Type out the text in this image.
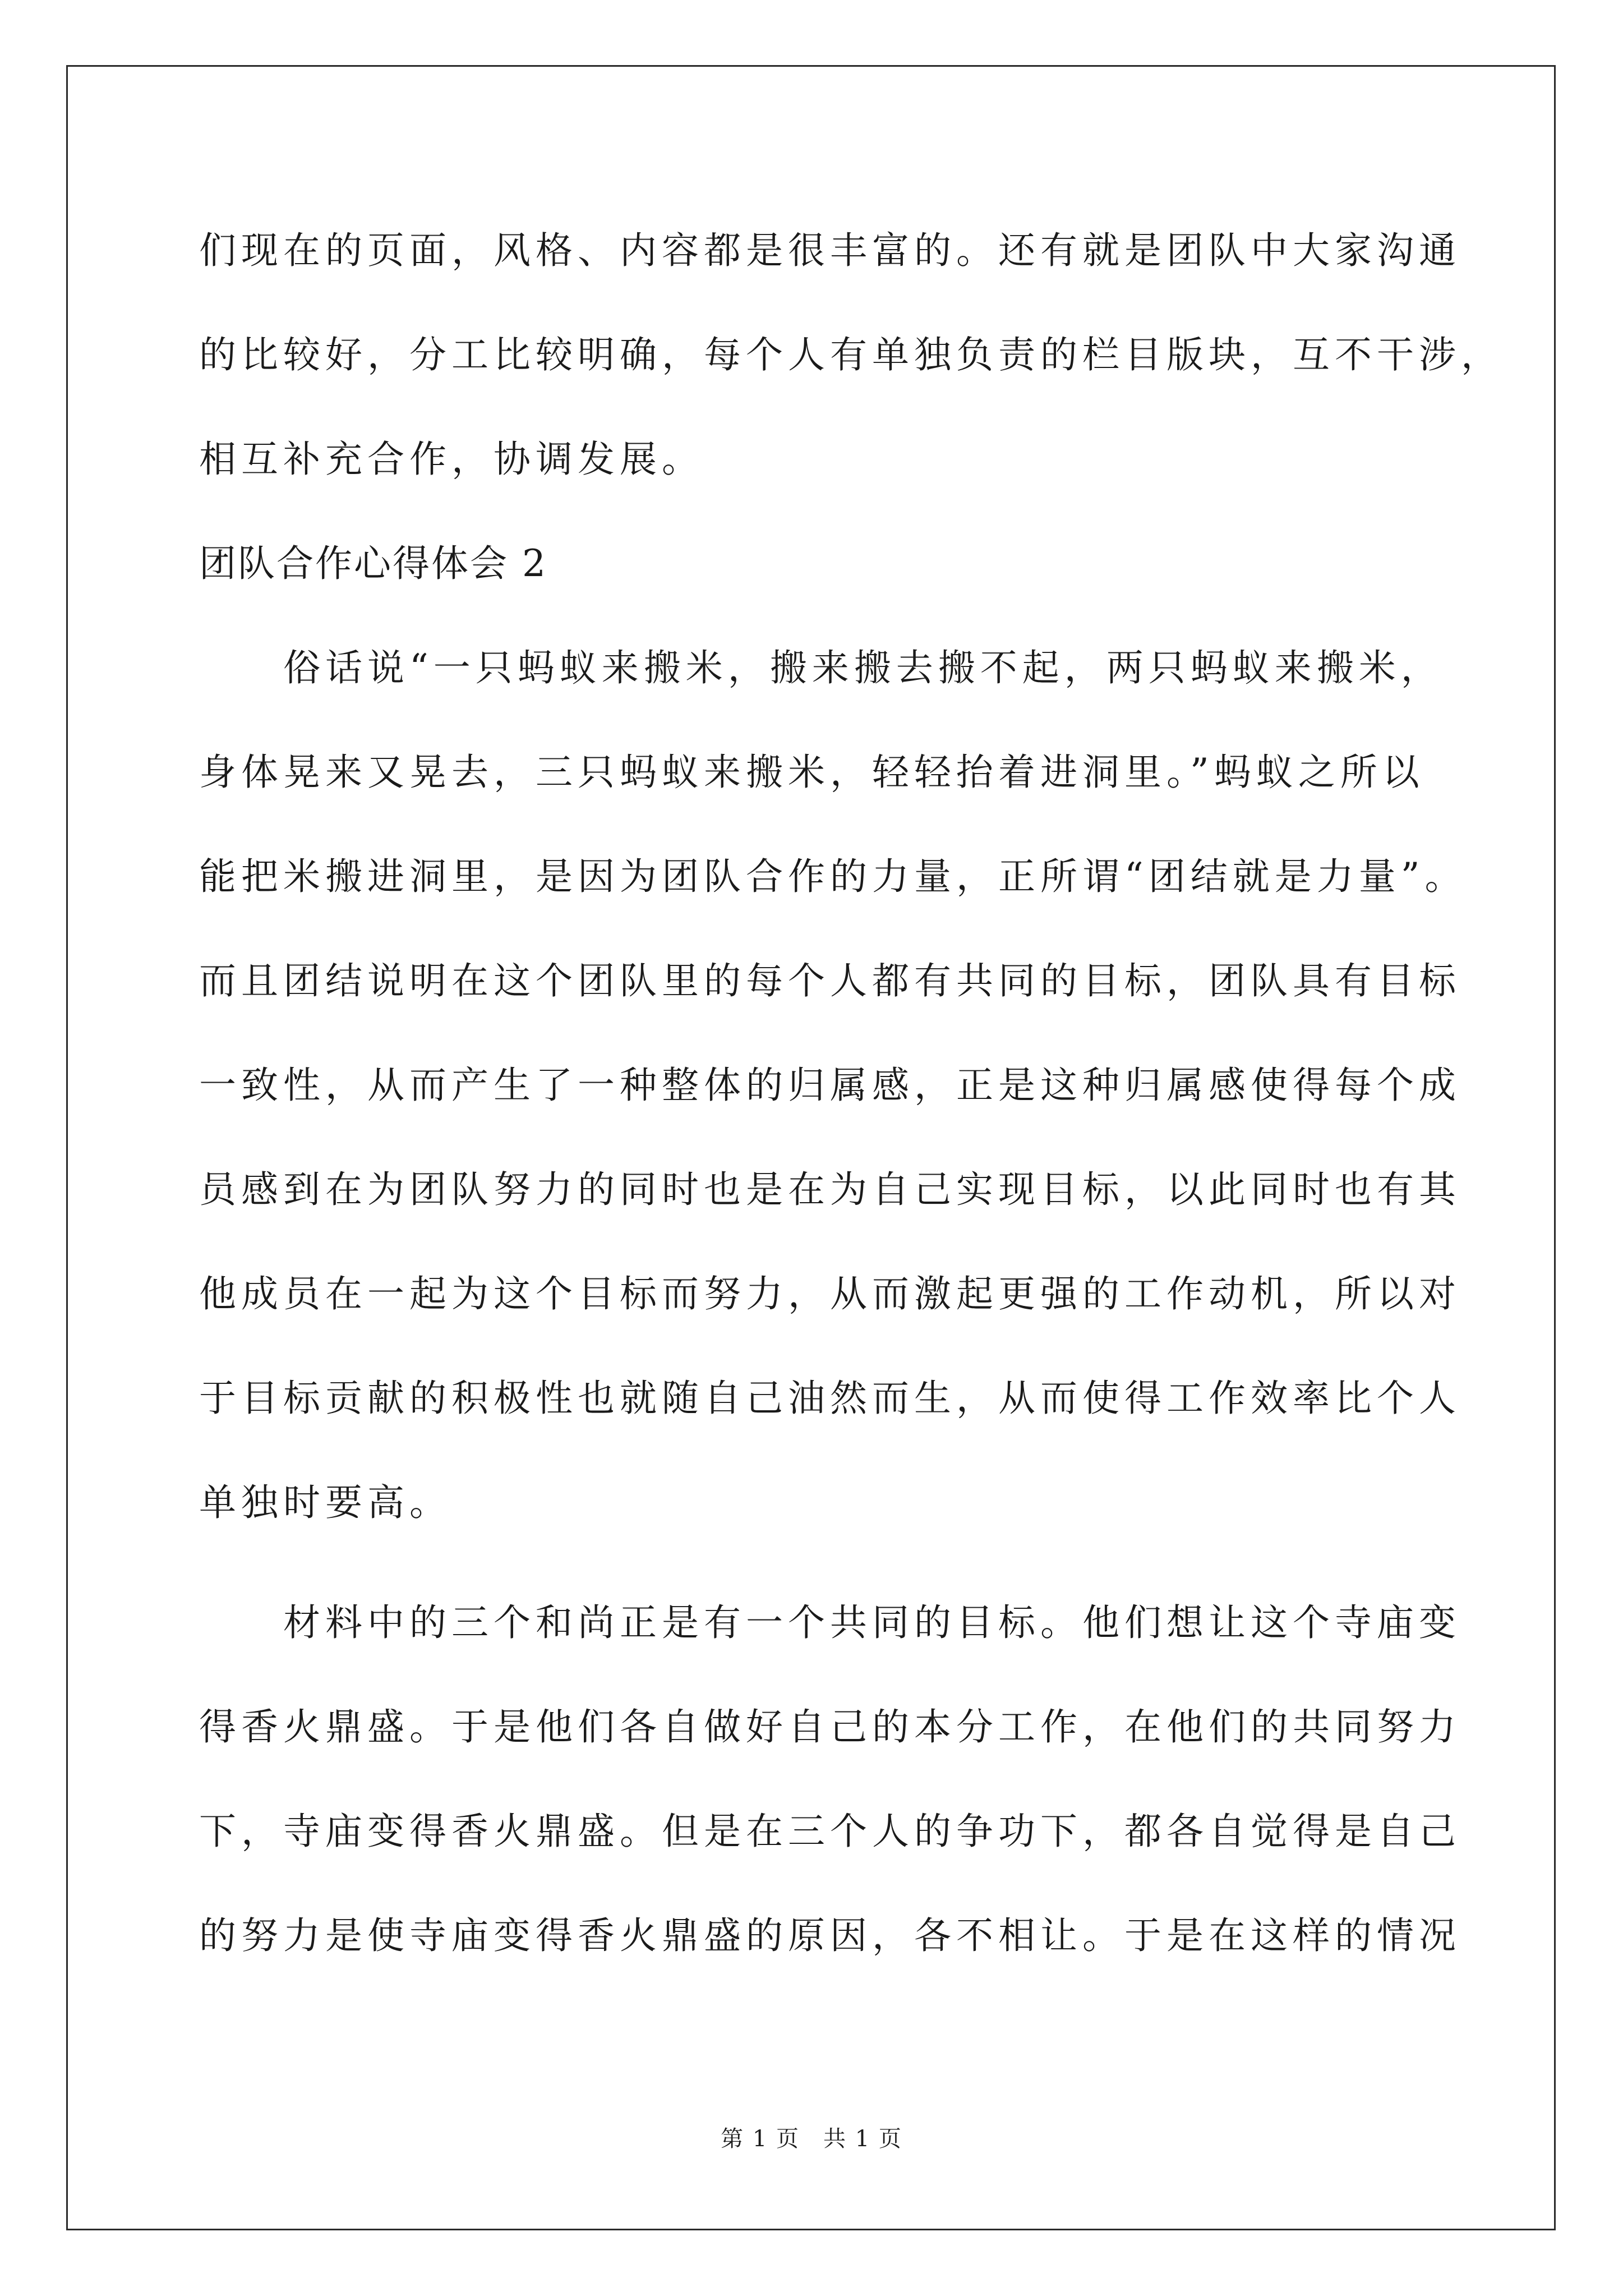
们现在的页面，风格、内容都是很丰富的。还有就是团队中大家沟通
的比较好，分工比较明确，每个人有单独负责的栏目版块，互不干涉，
相互补充合作，协调发展。
团队合作心得体会 2
　　俗话说“一只蚂蚁来搬米，搬来搬去搬不起，两只蚂蚁来搬米，
身体晃来又晃去，三只蚂蚁来搬米，轻轻抬着进洞里。”蚂蚁之所以
能把米搬进洞里，是因为团队合作的力量，正所谓“团结就是力量”。
而且团结说明在这个团队里的每个人都有共同的目标，团队具有目标
一致性，从而产生了一种整体的归属感，正是这种归属感使得每个成
员感到在为团队努力的同时也是在为自己实现目标，以此同时也有其
他成员在一起为这个目标而努力，从而激起更强的工作动机，所以对
于目标贡献的积极性也就随自己油然而生，从而使得工作效率比个人
单独时要高。
　　材料中的三个和尚正是有一个共同的目标。他们想让这个寺庙变
得香火鼎盛。于是他们各自做好自己的本分工作，在他们的共同努力
下，寺庙变得香火鼎盛。但是在三个人的争功下，都各自觉得是自己
的努力是使寺庙变得香火鼎盛的原因，各不相让。于是在这样的情况
第 1 页　共 1 页
